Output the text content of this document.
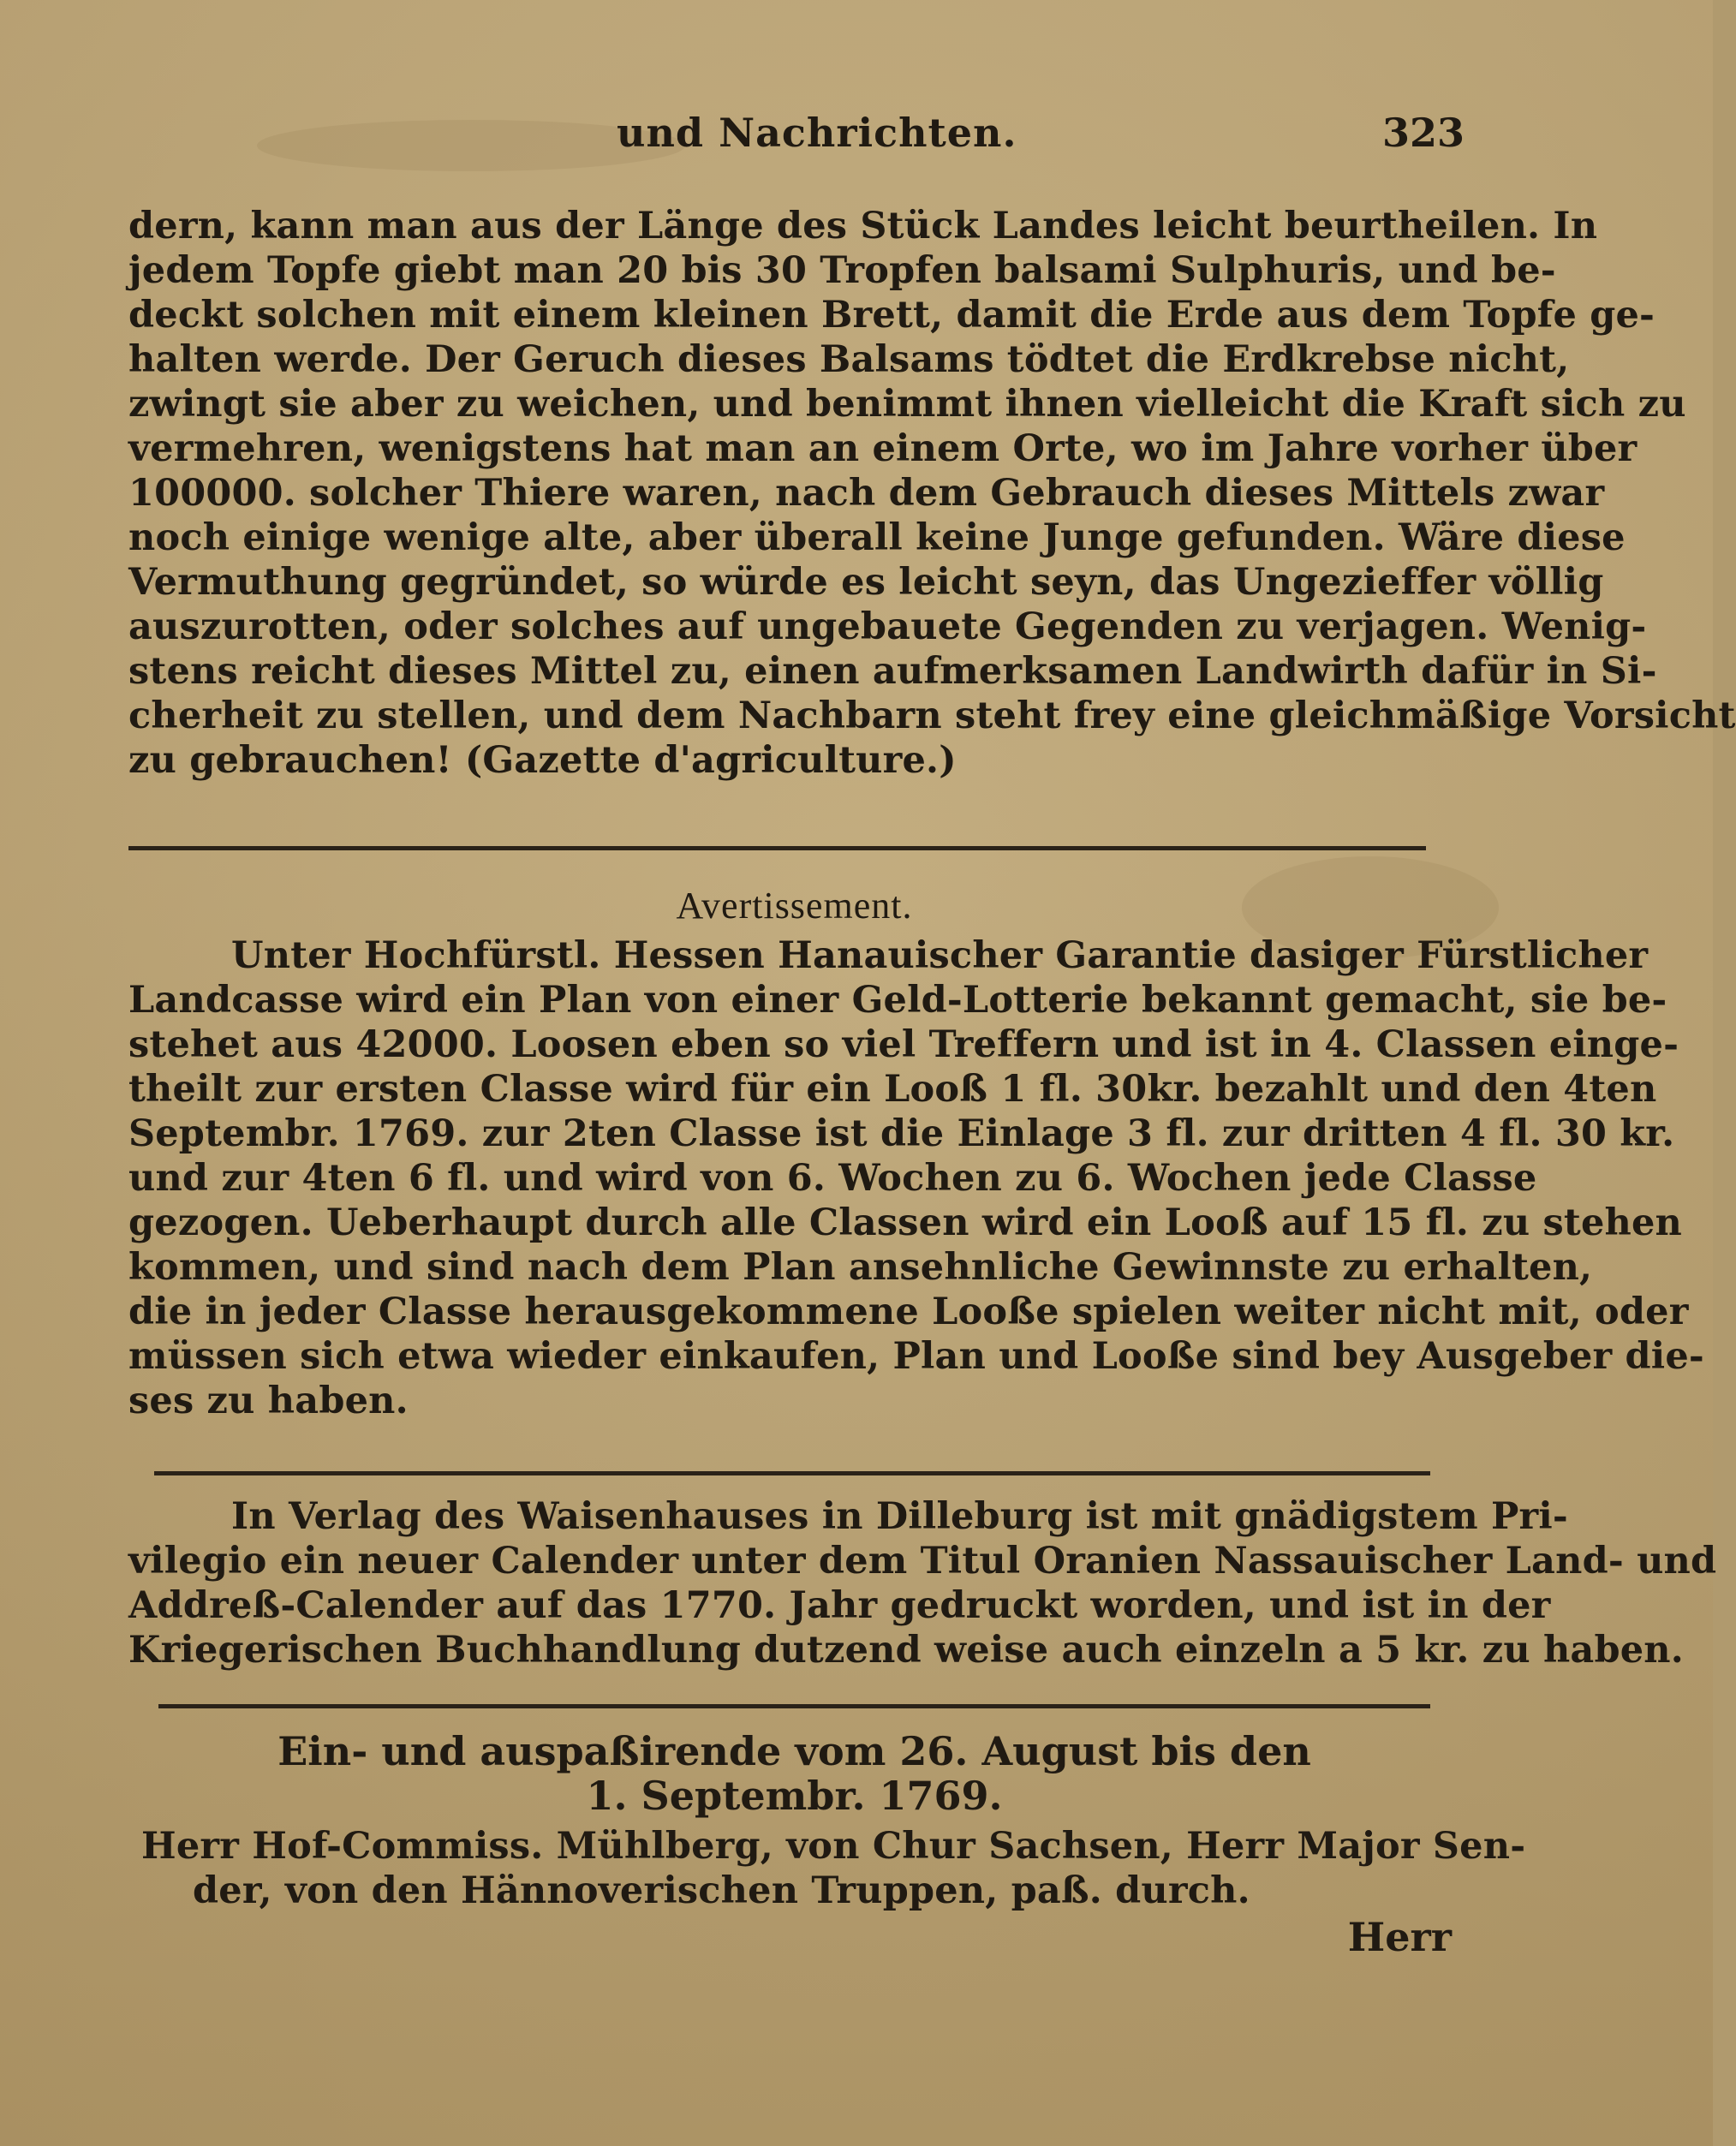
und Nachrichten.	323
dern, kann man aus der Länge des Stück Landes leicht beurtheilen. In
jedem Topfe giebt man 20 bis 30 Tropfen balsami Sulphuris, und be-
deckt solchen mit einem kleinen Brett, damit die Erde aus dem Topfe ge-
halten werde. Der Geruch dieses Balsams tödtet die Erdkrebse nicht,
zwingt sie aber zu weichen, und benimmt ihnen vielleicht die Kraft sich zu
vermehren, wenigstens hat man an einem Orte, wo im Jahre vorher über
100000. solcher Thiere waren, nach dem Gebrauch dieses Mittels zwar
noch einige wenige alte, aber überall keine Junge gefunden. Wäre diese
Vermuthung gegründet, so würde es leicht seyn, das Ungezieffer völlig
auszurotten, oder solches auf ungebauete Gegenden zu verjagen. Wenig-
stens reicht dieses Mittel zu, einen aufmerksamen Landwirth dafür in Si-
cherheit zu stellen, und dem Nachbarn steht frey eine gleichmäßige Vorsicht
zu gebrauchen! (Gazette d'agriculture.)
Avertissement.
Unter Hochfürstl. Hessen Hanauischer Garantie dasiger Fürstlicher
Landcasse wird ein Plan von einer Geld-Lotterie bekannt gemacht, sie be-
stehet aus 42000. Loosen eben so viel Treffern und ist in 4. Classen einge-
theilt zur ersten Classe wird für ein Looß 1 fl. 30kr. bezahlt und den 4ten
Septembr. 1769. zur 2ten Classe ist die Einlage 3 fl. zur dritten 4 fl. 30 kr.
und zur 4ten 6 fl. und wird von 6. Wochen zu 6. Wochen jede Classe
gezogen. Ueberhaupt durch alle Classen wird ein Looß auf 15 fl. zu stehen
kommen, und sind nach dem Plan ansehnliche Gewinnste zu erhalten,
die in jeder Classe herausgekommene Looße spielen weiter nicht mit, oder
müssen sich etwa wieder einkaufen, Plan und Looße sind bey Ausgeber die-
ses zu haben.
In Verlag des Waisenhauses in Dilleburg ist mit gnädigstem Pri-
vilegio ein neuer Calender unter dem Titul Oranien Nassauischer Land- und
Addreß-Calender auf das 1770. Jahr gedruckt worden, und ist in der
Kriegerischen Buchhandlung dutzend weise auch einzeln a 5 kr. zu haben.
Ein- und auspaßirende vom 26. August bis den
1. Septembr. 1769.
Herr Hof-Commiss. Mühlberg, von Chur Sachsen, Herr Major Sen-
der, von den Hännoverischen Truppen, paß. durch.
Herr
